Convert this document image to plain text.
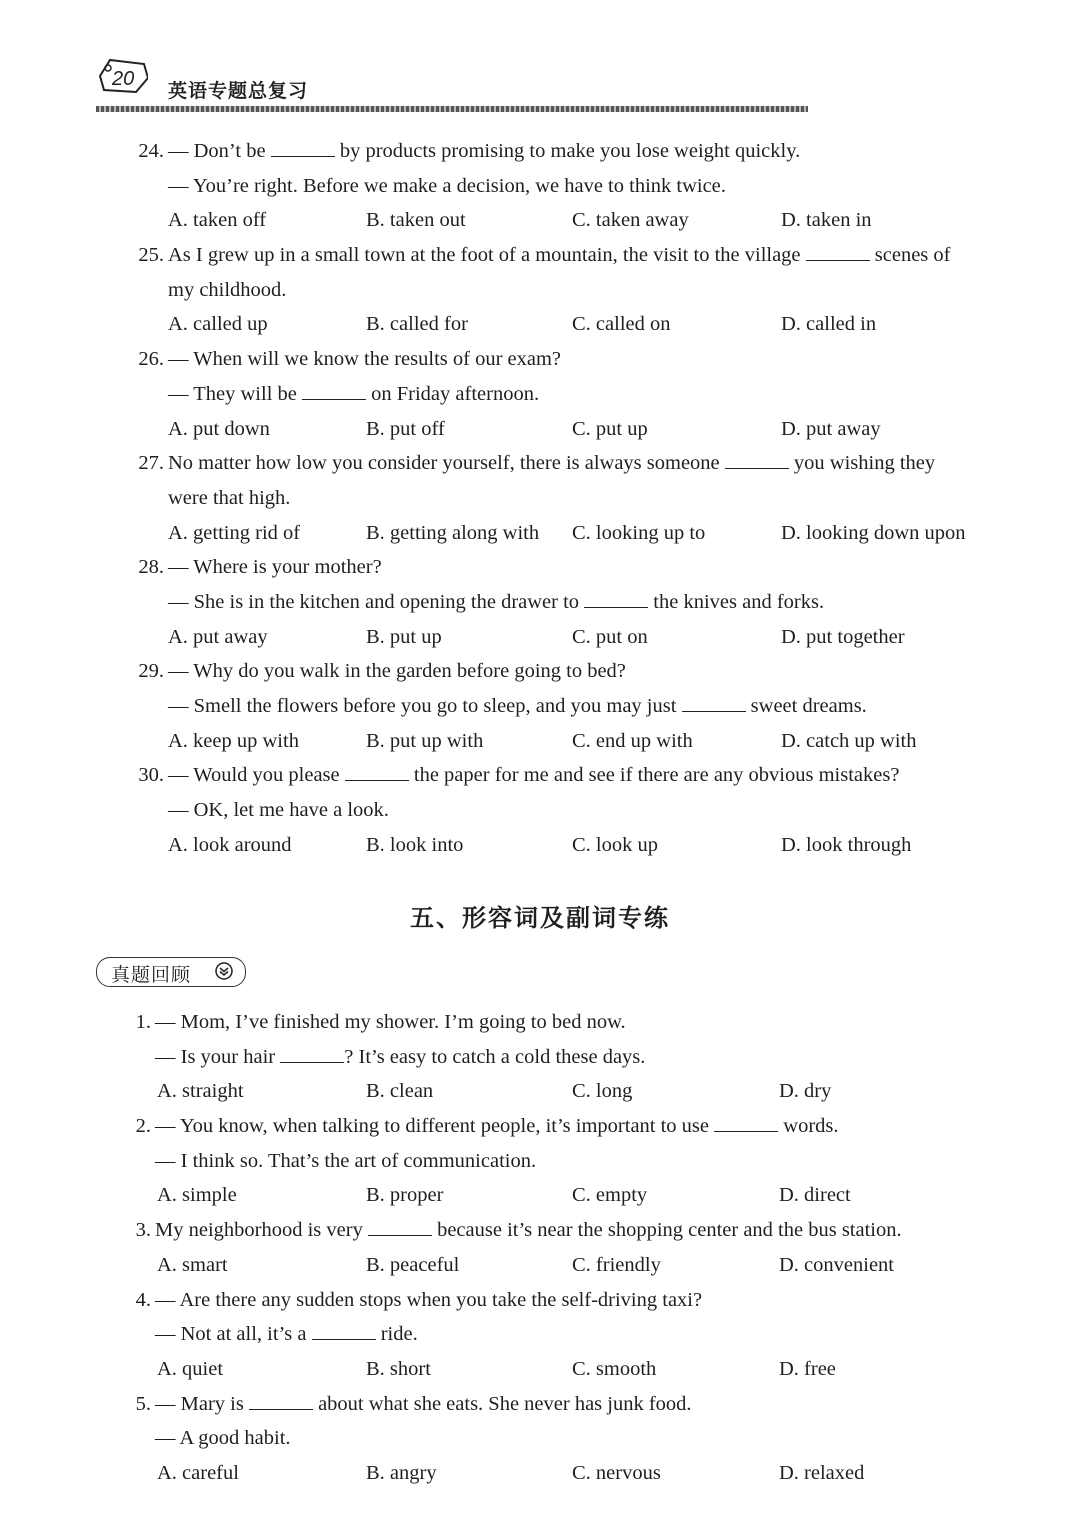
20
英语专题总复习
24. — Don’t be	by products promising to make you lose weight quickly.
— You’re right. Before we make a decision, we have to think twice.
A. taken off	B. taken out	C. taken away	D. taken in
25. As I grew up in a small town at the foot of a mountain, the visit to the village	scenes of
my childhood.
A. called up	B. called for	C. called on	D. called in
26. — When will we know the results of our exam?
— They will be	on Friday afternoon.
A. put down	B. put off	C. put up	D. put away
27. No matter how low you consider yourself, there is always someone	you wishing they
were that high.
A. getting rid of	B. getting along with C. looking up to	D. looking down upon
28. — Where is your mother?
— She is in the kitchen and opening the drawer to	the knives and forks.
A. put away	B. put up	C. put on	D. put together
29. — Why do you walk in the garden before going to bed?
— Smell the flowers before you go to sleep, and you may just	sweet dreams.
A. keep up with	B. put up with	C. end up with	D. catch up with
30. — Would you please	the paper for me and see if there are any obvious mistakes?
— OK, let me have a look.
A. look around	B. look into	C. look up	D. look through
五、形容词及副词专练
真题回顾
1. — Mom, I’ve finished my shower. I’m going to bed now.
— Is your hair	? It’s easy to catch a cold these days.
A. straight	B. clean	C. long	D. dry
2. — You know, when talking to different people, it’s important to use	words.
— I think so. That’s the art of communication.
A. simple	B. proper	C. empty	D. direct
3. My neighborhood is very	because it’s near the shopping center and the bus station.
A. smart	B. peaceful	C. friendly	D. convenient
4. — Are there any sudden stops when you take the self-driving taxi?
— Not at all, it’s a	ride.
A. quiet	B. short	C. smooth	D. free
5. — Mary is	about what she eats. She never has junk food.
— A good habit.
A. careful	B. angry	C. nervous	D. relaxed
